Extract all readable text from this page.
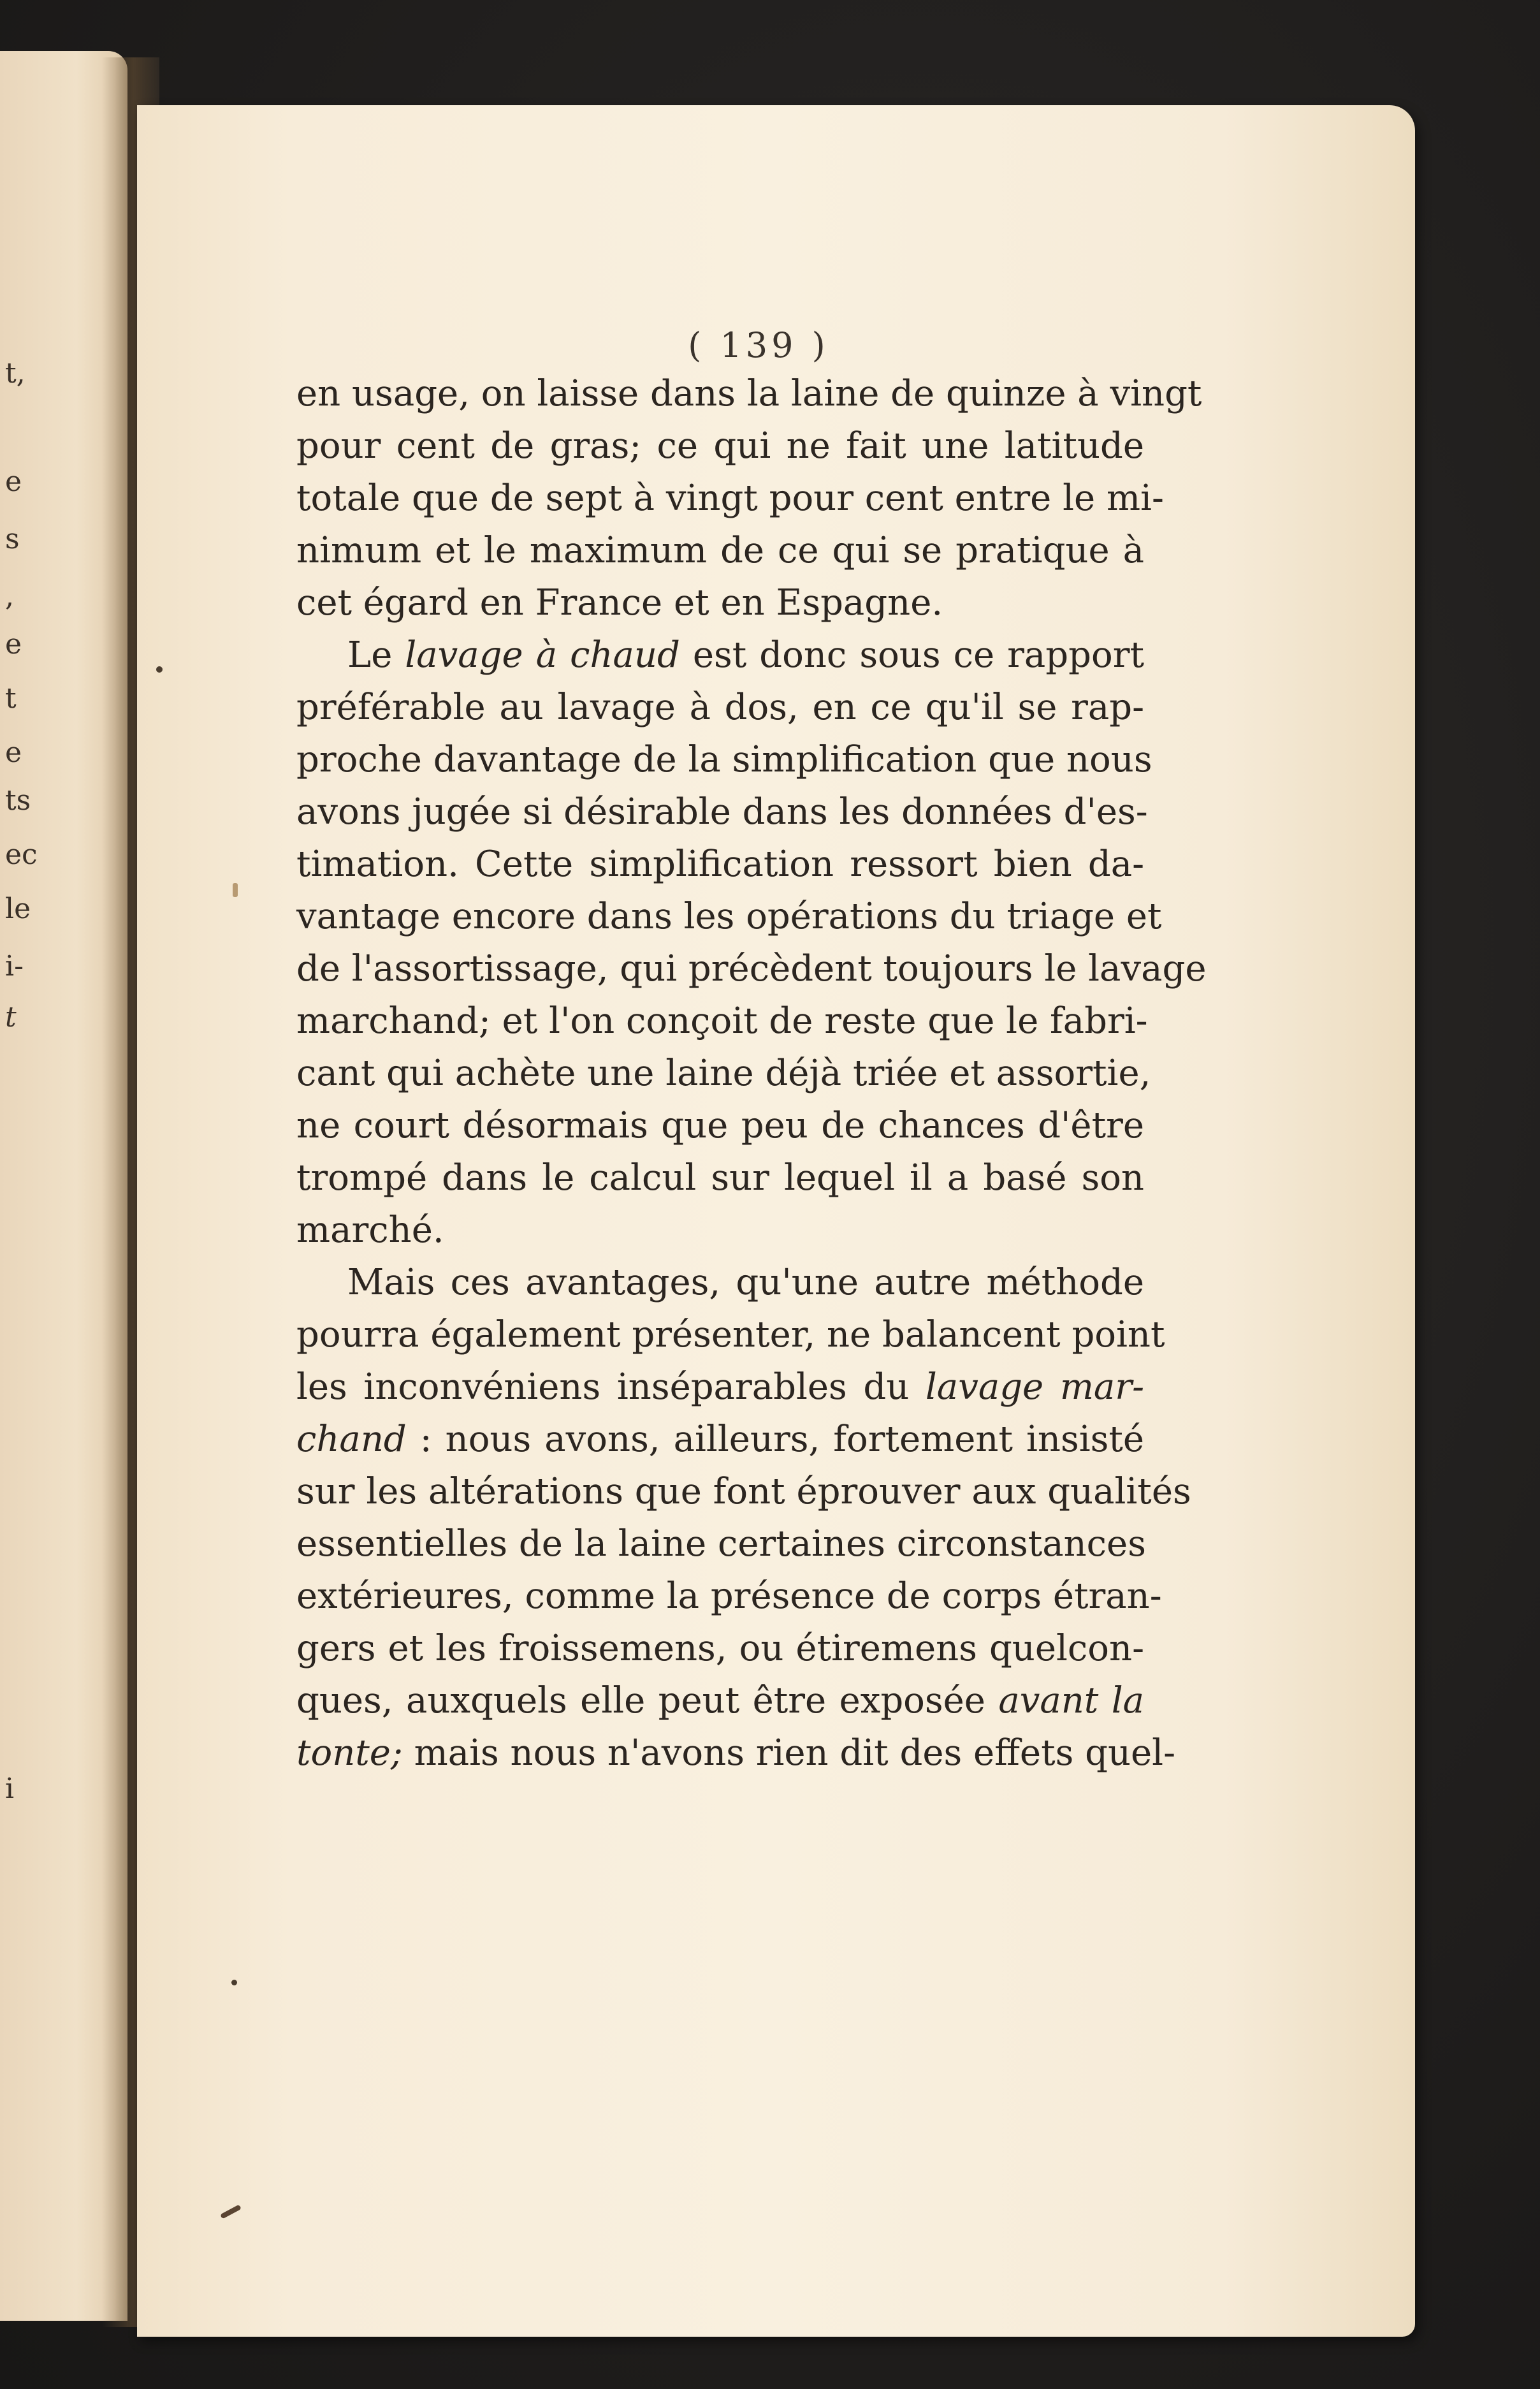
t,
e
s
,
e
t
e
ts
ec
le
i-
t
i
( 139 )
en usage, on laisse dans la laine de quinze à vingt
pour cent de gras; ce qui ne fait une latitude
totale que de sept à vingt pour cent entre le mi-
nimum et le maximum de ce qui se pratique à
cet égard en France et en Espagne.
Le lavage à chaud est donc sous ce rapport
préférable au lavage à dos, en ce qu'il se rap-
proche davantage de la simplification que nous
avons jugée si désirable dans les données d'es-
timation. Cette simplification ressort bien da-
vantage encore dans les opérations du triage et
de l'assortissage, qui précèdent toujours le lavage
marchand; et l'on conçoit de reste que le fabri-
cant qui achète une laine déjà triée et assortie,
ne court désormais que peu de chances d'être
trompé dans le calcul sur lequel il a basé son
marché.
Mais ces avantages, qu'une autre méthode
pourra également présenter, ne balancent point
les inconvéniens inséparables du lavage mar-
chand : nous avons, ailleurs, fortement insisté
sur les altérations que font éprouver aux qualités
essentielles de la laine certaines circonstances
extérieures, comme la présence de corps étran-
gers et les froissemens, ou étiremens quelcon-
ques, auxquels elle peut être exposée avant la
tonte; mais nous n'avons rien dit des effets quel-
